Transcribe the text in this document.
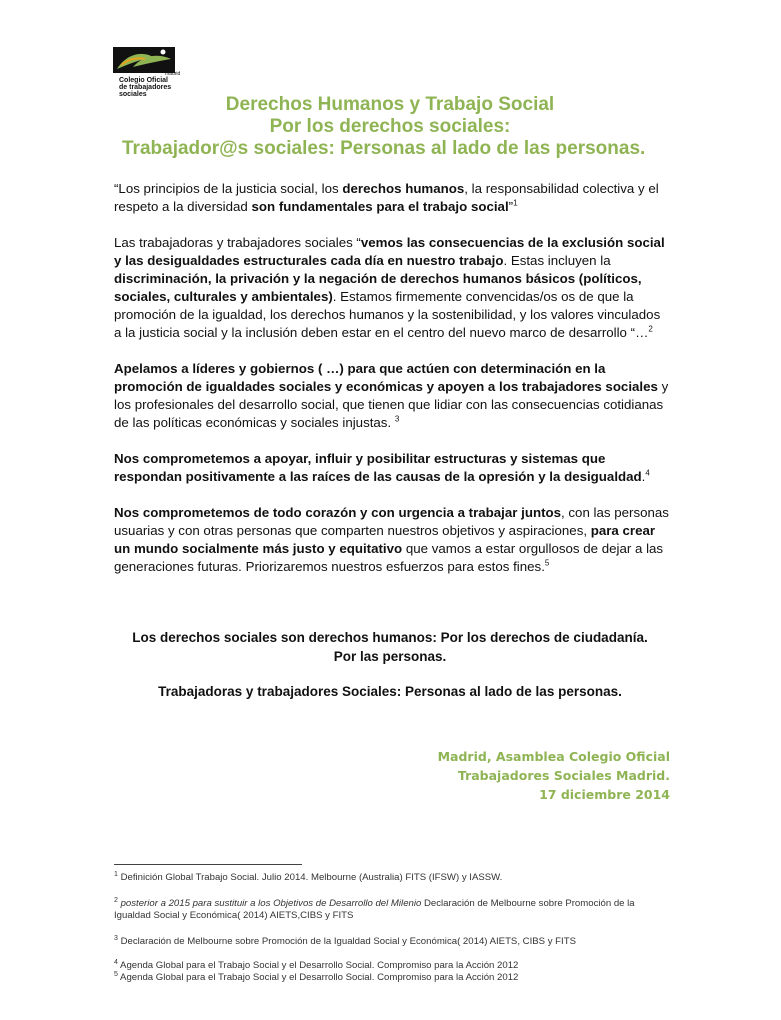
madrid
Colegio Oficial
de trabajadores
sociales	Derechos Humanos y Trabajo Social

Por los derechos sociales:

Trabajador@s sociales: Personas al lado de las personas.

“Los principios de la justicia social, los derechos humanos, la responsabilidad colectiva y el respeto a la diversidad son fundamentales para el trabajo social”$^1$

Las trabajadoras y trabajadores sociales “vemos las consecuencias de la exclusión social y las desigualdades estructurales cada día en nuestro trabajo. Estas incluyen la discriminación, la privación y la negación de derechos humanos básicos (políticos, sociales, culturales y ambientales). Estamos firmemente convencidas/os os de que la promoción de la igualdad, los derechos humanos y la sostenibilidad, y los valores vinculados a la justicia social y la inclusión deben estar en el centro del nuevo marco de desarrollo “…$^2$

Apelamos a líderes y gobiernos ( …) para que actúen con determinación en la promoción de igualdades sociales y económicas y apoyen a los trabajadores sociales y los profesionales del desarrollo social, que tienen que lidiar con las consecuencias cotidianas de las políticas económicas y sociales injustas. $^3$

Nos comprometemos a apoyar, influir y posibilitar estructuras y sistemas que respondan positivamente a las raíces de las causas de la opresión y la desigualdad.$^4$

Nos comprometemos de todo corazón y con urgencia a trabajar juntos, con las personas usuarias y con otras personas que comparten nuestros objetivos y aspiraciones, para crear un mundo socialmente más justo y equitativo que vamos a estar orgullosos de dejar a las generaciones futuras. Priorizaremos nuestros esfuerzos para estos fines.$^5$

Los derechos sociales son derechos humanos: Por los derechos de ciudadanía.

Por las personas.

Trabajadoras y trabajadores Sociales: Personas al lado de las personas.

Madrid, Asamblea Colegio Oficial
Trabajadores Sociales Madrid.
17 diciembre 2014

$^1$ Definición Global Trabajo Social. Julio 2014. Melbourne (Australia) FITS (IFSW) y IASSW.

$^2$ posterior a 2015 para sustituir a los Objetivos de Desarrollo del Milenio Declaración de Melbourne sobre Promoción de la Igualdad Social y Económica( 2014) AIETS,CIBS y FITS

$^3$ Declaración de Melbourne sobre Promoción de la Igualdad Social y Económica( 2014) AIETS, CIBS y FITS

$^4$ Agenda Global para el Trabajo Social y el Desarrollo Social. Compromiso para la Acción 2012

$^5$ Agenda Global para el Trabajo Social y el Desarrollo Social. Compromiso para la Acción 2012
